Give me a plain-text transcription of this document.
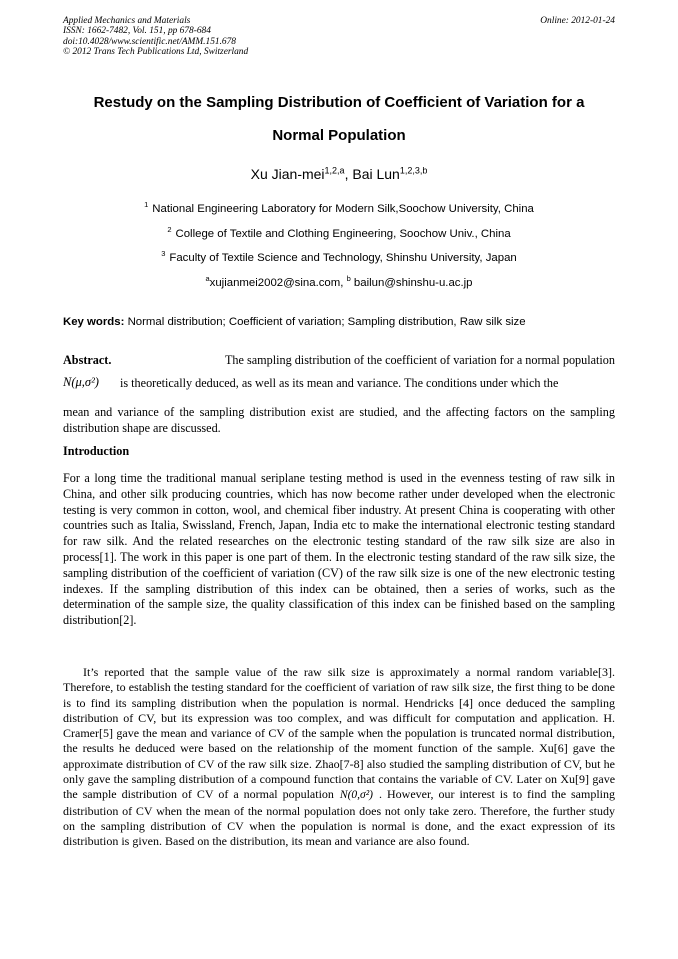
Applied Mechanics and Materials
ISSN: 1662-7482, Vol. 151, pp 678-684
doi:10.4028/www.scientific.net/AMM.151.678
© 2012 Trans Tech Publications Ltd, Switzerland
Online: 2012-01-24
Restudy on the Sampling Distribution of Coefficient of Variation for a
Normal Population
Xu Jian-mei$^{1,2,a}$, Bai Lun$^{1,2,3,b}$
$^1$ National Engineering Laboratory for Modern Silk,Soochow University, China
$^2$ College of Textile and Clothing Engineering, Soochow Univ., China
$^3$ Faculty of Textile Science and Technology, Shinshu University, Japan
$^a$xujianmei2002@sina.com, $^b$ bailun@shinshu-u.ac.jp
Key words: Normal distribution; Coefficient of variation; Sampling distribution, Raw silk size
Abstract.	The sampling distribution of the coefficient of variation for a normal population
N(μ,σ²) is theoretically deduced, as well as its mean and variance. The conditions under which the
mean and variance of the sampling distribution exist are studied, and the affecting factors on the sampling distribution shape are discussed.
Introduction
For a long time the traditional manual seriplane testing method is used in the evenness testing of raw silk in China, and other silk producing countries, which has now become rather under developed when the electronic testing is very common in cotton, wool, and chemical fiber industry. At present China is cooperating with other countries such as Italia, Swissland, French, Japan, India etc to make the international electronic testing standard for raw silk. And the related researches on the electronic testing standard of the raw silk size are also in process[1]. The work in this paper is one part of them. In the electronic testing standard of the raw silk size, the sampling distribution of the coefficient of variation (CV) of the raw silk size is one of the new electronic testing indexes. If the sampling distribution of this index can be obtained, then a series of works, such as the determination of the sample size, the quality classification of this index can be finished based on the sampling distribution[2].
It’s reported that the sample value of the raw silk size is approximately a normal random variable[3]. Therefore, to establish the testing standard for the coefficient of variation of raw silk size, the first thing to be done is to find its sampling distribution when the population is normal. Hendricks [4] once deduced the sampling distribution of CV, but its expression was too complex, and was difficult for computation and application. H. Cramer[5] gave the mean and variance of CV of the sample when the population is truncated normal distribution, the results he deduced were based on the relationship of the moment function of the sample. Xu[6] gave the approximate distribution of CV of the raw silk size. Zhao[7-8] also studied the sampling distribution of CV, but he only gave the sampling distribution of a compound function that contains the variable of CV. Later on Xu[9] gave the sample distribution of CV of a normal population N(0,σ²) . However, our interest is to find the sampling distribution of CV when the mean of the normal population does not only take zero. Therefore, the further study on the sampling distribution of CV when the population is normal is done, and the exact expression of its distribution is given. Based on the distribution, its mean and variance are also found.
